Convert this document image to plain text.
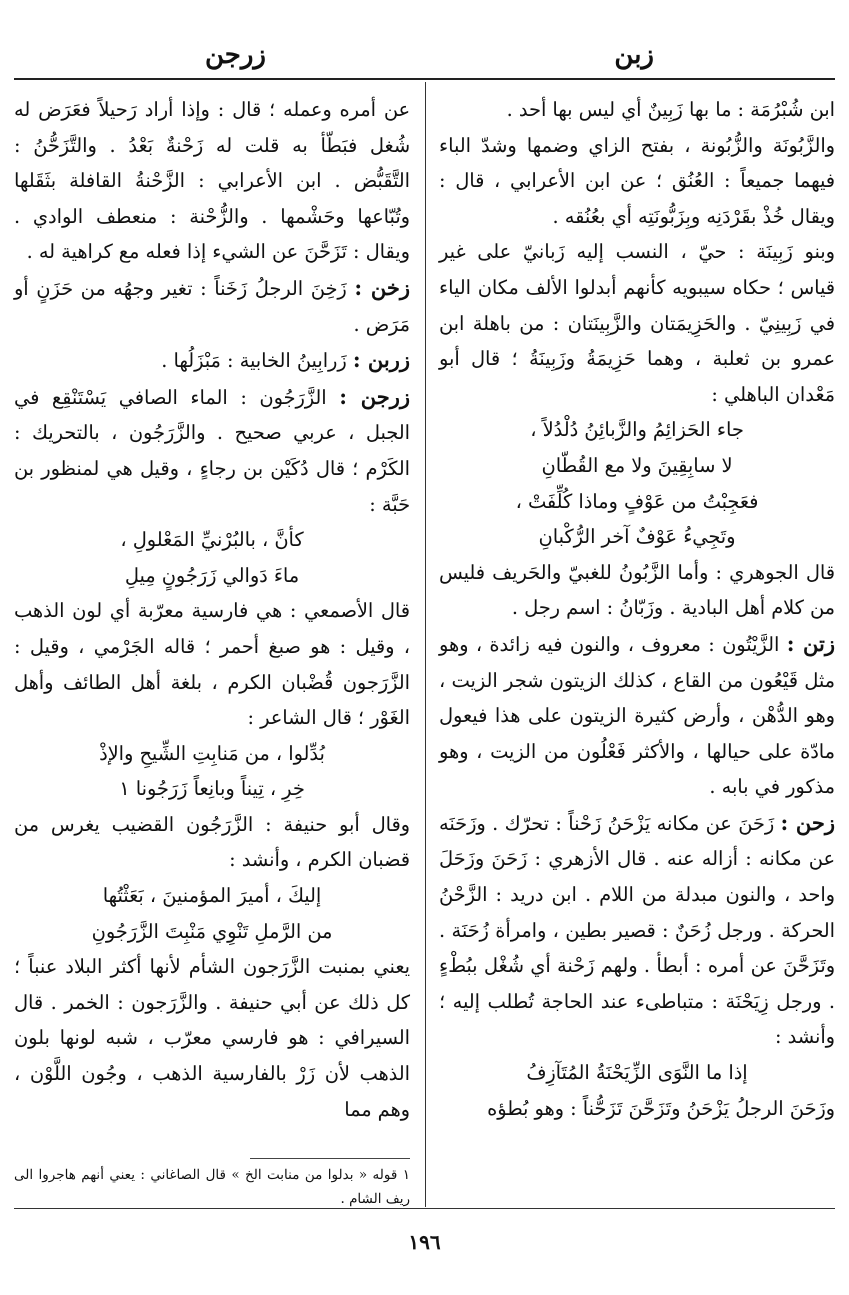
زبن
زرجن

ابن شُبْرُمَة : ما بها زَبِينٌ أي ليس بها أحد .

والزَّبُونَة والزُّبُونة ، بفتح الزاي وضمها وشدّ الباء فيهما جميعاً : العُنُق ؛ عن ابن الأعرابي ، قال : ويقال خُذْ بقَرْدَنِه وبِزَبُّونَتِه أي بعُنُقه .

وبنو زَبِينَة : حيّ ، النسب إليه زَبانيّ على غير قياس ؛ حكاه سيبويه كأنهم أبدلوا الألف مكان الياء في زَبِينِيّ . والحَزِيمَتان والزَّبِينَتان : من باهلة ابن عمرو بن ثعلبة ، وهما حَزِيمَةُ وزَبِينَةُ ؛ قال أبو مَعْدان الباهلي :

جاء الحَزائِمُ والزَّبائِنُ دُلْدُلاً ،

لا سابِقِينَ ولا مع القُطّانِ

فعَجِبْتُ من عَوْفٍ وماذا كُلِّفَتْ ،

وتَجِيءُ عَوْفٌ آخر الرُّكْبانِ

قال الجوهري : وأما الزَّبُونُ للغبيّ والحَريف فليس من كلام أهل البادية . وزَبّانُ : اسم رجل .

زتن : الزَّيْتُون : معروف ، والنون فيه زائدة ، وهو مثل قَيْعُون من القاع ، كذلك الزيتون شجر الزيت ، وهو الدُّهْن ، وأرض كثيرة الزيتون على هذا فيعول مادّة على حيالها ، والأكثر فَعْلُون من الزيت ، وهو مذكور في بابه .

زحن : زَحَنَ عن مكانه يَزْحَنُ زَحْناً : تحرّك . وزَحَنَه عن مكانه : أزاله عنه . قال الأزهري : زَحَنَ وزَحَلَ واحد ، والنون مبدلة من اللام . ابن دريد : الزَّحْنُ الحركة . ورجل زُحَنٌ : قصير بطين ، وامرأة زُحَنَة . وتَزَحَّنَ عن أمره : أبطأ . ولهم زَحْنة أي شُغْل ببُطْءٍ . ورجل زِيَحْنَة : متباطىء عند الحاجة تُطلب إليه ؛ وأنشد :

إذا ما النَّوَى الزِّيَحْنَةُ المُتَآزِفُ

وزَحَنَ الرجلُ يَزْحَنُ وتَزَحَّنَ تَزَحُّناً : وهو بُطؤه

عن أمره وعمله ؛ قال : وإذا أراد رَحيلاً فعَرَض له شُغل فبَطّأ به قلت له زَحْنةٌ بَعْدُ . والتَّزَحُّنُ : التَّقَبُّض . ابن الأعرابي : الزَّحْنةُ القافلة بثَقَلها وتُبّاعها وحَشْمها . والزُّحْنة : منعطف الوادي . ويقال : تَزَحَّنَ عن الشيء إذا فعله مع كراهية له .

زخن : زَخِنَ الرجلُ زَخَناً : تغير وجهُه من حَزَنٍ أو مَرَض .

زربن : زَرابِينُ الخابية : مَبْزَلُها .

زرجن : الزَّرَجُون : الماء الصافي يَسْتَنْقِع في الجبل ، عربي صحيح . والزَّرَجُون ، بالتحريك : الكَرْم ؛ قال دُكَيْن بن رجاءٍ ، وقيل هي لمنظور بن حَبَّة :

كأنَّ ، بالبُرْنيِّ المَعْلولِ ،

ماءَ دَوالي زَرَجُونٍ مِيلِ

قال الأصمعي : هي فارسية معرّبة أي لون الذهب ، وقيل : هو صبغ أحمر ؛ قاله الجَرْمي ، وقيل : الزَّرَجون قُضْبان الكرم ، بلغة أهل الطائف وأهل الغَوْر ؛ قال الشاعر :

بُدِّلوا ، من مَنابِتِ الشِّيحِ والإذْ

خِرِ ، تِيناً وبانِعاً زَرَجُونا ١

وقال أبو حنيفة : الزَّرَجُون القضيب يغرس من قضبان الكرم ، وأنشد :

إليكَ ، أميرَ المؤمنينَ ، بَعَثْتُها

من الرَّملِ تَنْوِي مَنْبِتَ الزَّرَجُونِ

يعني بمنبت الزَّرَجون الشأم لأنها أكثر البلاد عنباً ؛ كل ذلك عن أبي حنيفة . والزَّرَجون : الخمر . قال السيرافي : هو فارسي معرّب ، شبه لونها بلون الذهب لأن زَرْ بالفارسية الذهب ، وجُون اللَّوْن ، وهم مما

١ قوله « بدلوا من منابت الخ » قال الصاغاني : يعني أنهم هاجروا الى ريف الشام .

١٩٦
